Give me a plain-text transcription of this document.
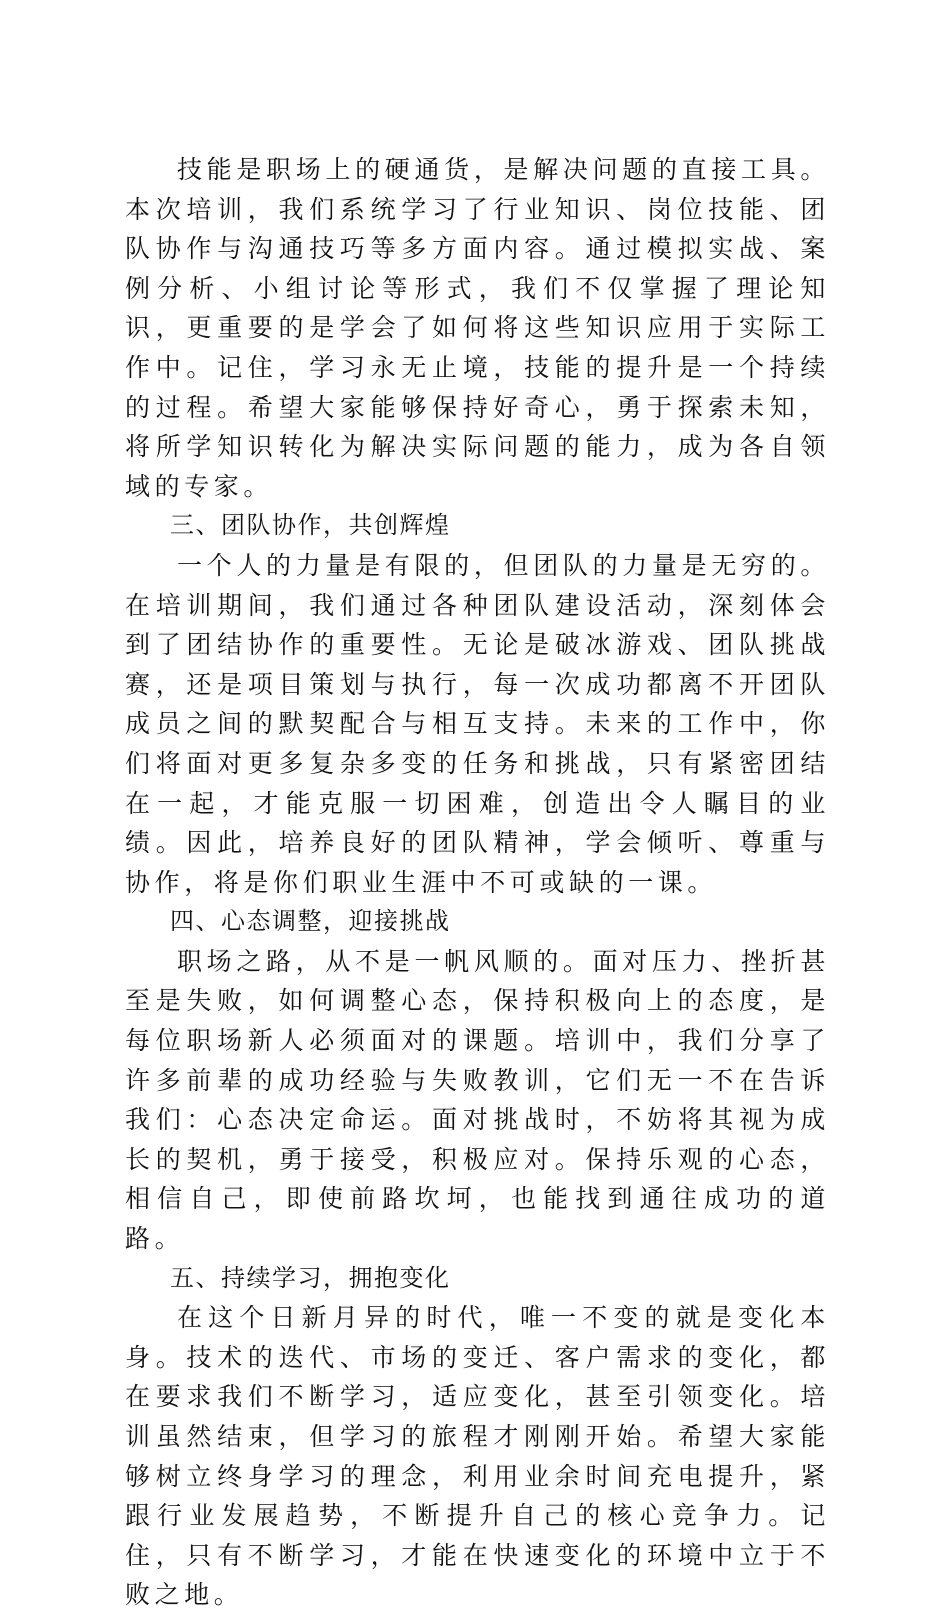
技能是职场上的硬通货，是解决问题的直接工具。本次培训，我们系统学习了行业知识、岗位技能、团队协作与沟通技巧等多方面内容。通过模拟实战、案例分析、小组讨论等形式，我们不仅掌握了理论知识，更重要的是学会了如何将这些知识应用于实际工作中。记住，学习永无止境，技能的提升是一个持续的过程。希望大家能够保持好奇心，勇于探索未知，将所学知识转化为解决实际问题的能力，成为各自领域的专家。

三、团队协作，共创辉煌

一个人的力量是有限的，但团队的力量是无穷的。在培训期间，我们通过各种团队建设活动，深刻体会到了团结协作的重要性。无论是破冰游戏、团队挑战赛，还是项目策划与执行，每一次成功都离不开团队成员之间的默契配合与相互支持。未来的工作中，你们将面对更多复杂多变的任务和挑战，只有紧密团结在一起，才能克服一切困难，创造出令人瞩目的业绩。因此，培养良好的团队精神，学会倾听、尊重与协作，将是你们职业生涯中不可或缺的一课。

四、心态调整，迎接挑战

职场之路，从不是一帆风顺的。面对压力、挫折甚至是失败，如何调整心态，保持积极向上的态度，是每位职场新人必须面对的课题。培训中，我们分享了许多前辈的成功经验与失败教训，它们无一不在告诉我们：心态决定命运。面对挑战时，不妨将其视为成长的契机，勇于接受，积极应对。保持乐观的心态，相信自己，即使前路坎坷，也能找到通往成功的道路。

五、持续学习，拥抱变化

在这个日新月异的时代，唯一不变的就是变化本身。技术的迭代、市场的变迁、客户需求的变化，都在要求我们不断学习，适应变化，甚至引领变化。培训虽然结束，但学习的旅程才刚刚开始。希望大家能够树立终身学习的理念，利用业余时间充电提升，紧跟行业发展趋势，不断提升自己的核心竞争力。记住，只有不断学习，才能在快速变化的环境中立于不败之地。
